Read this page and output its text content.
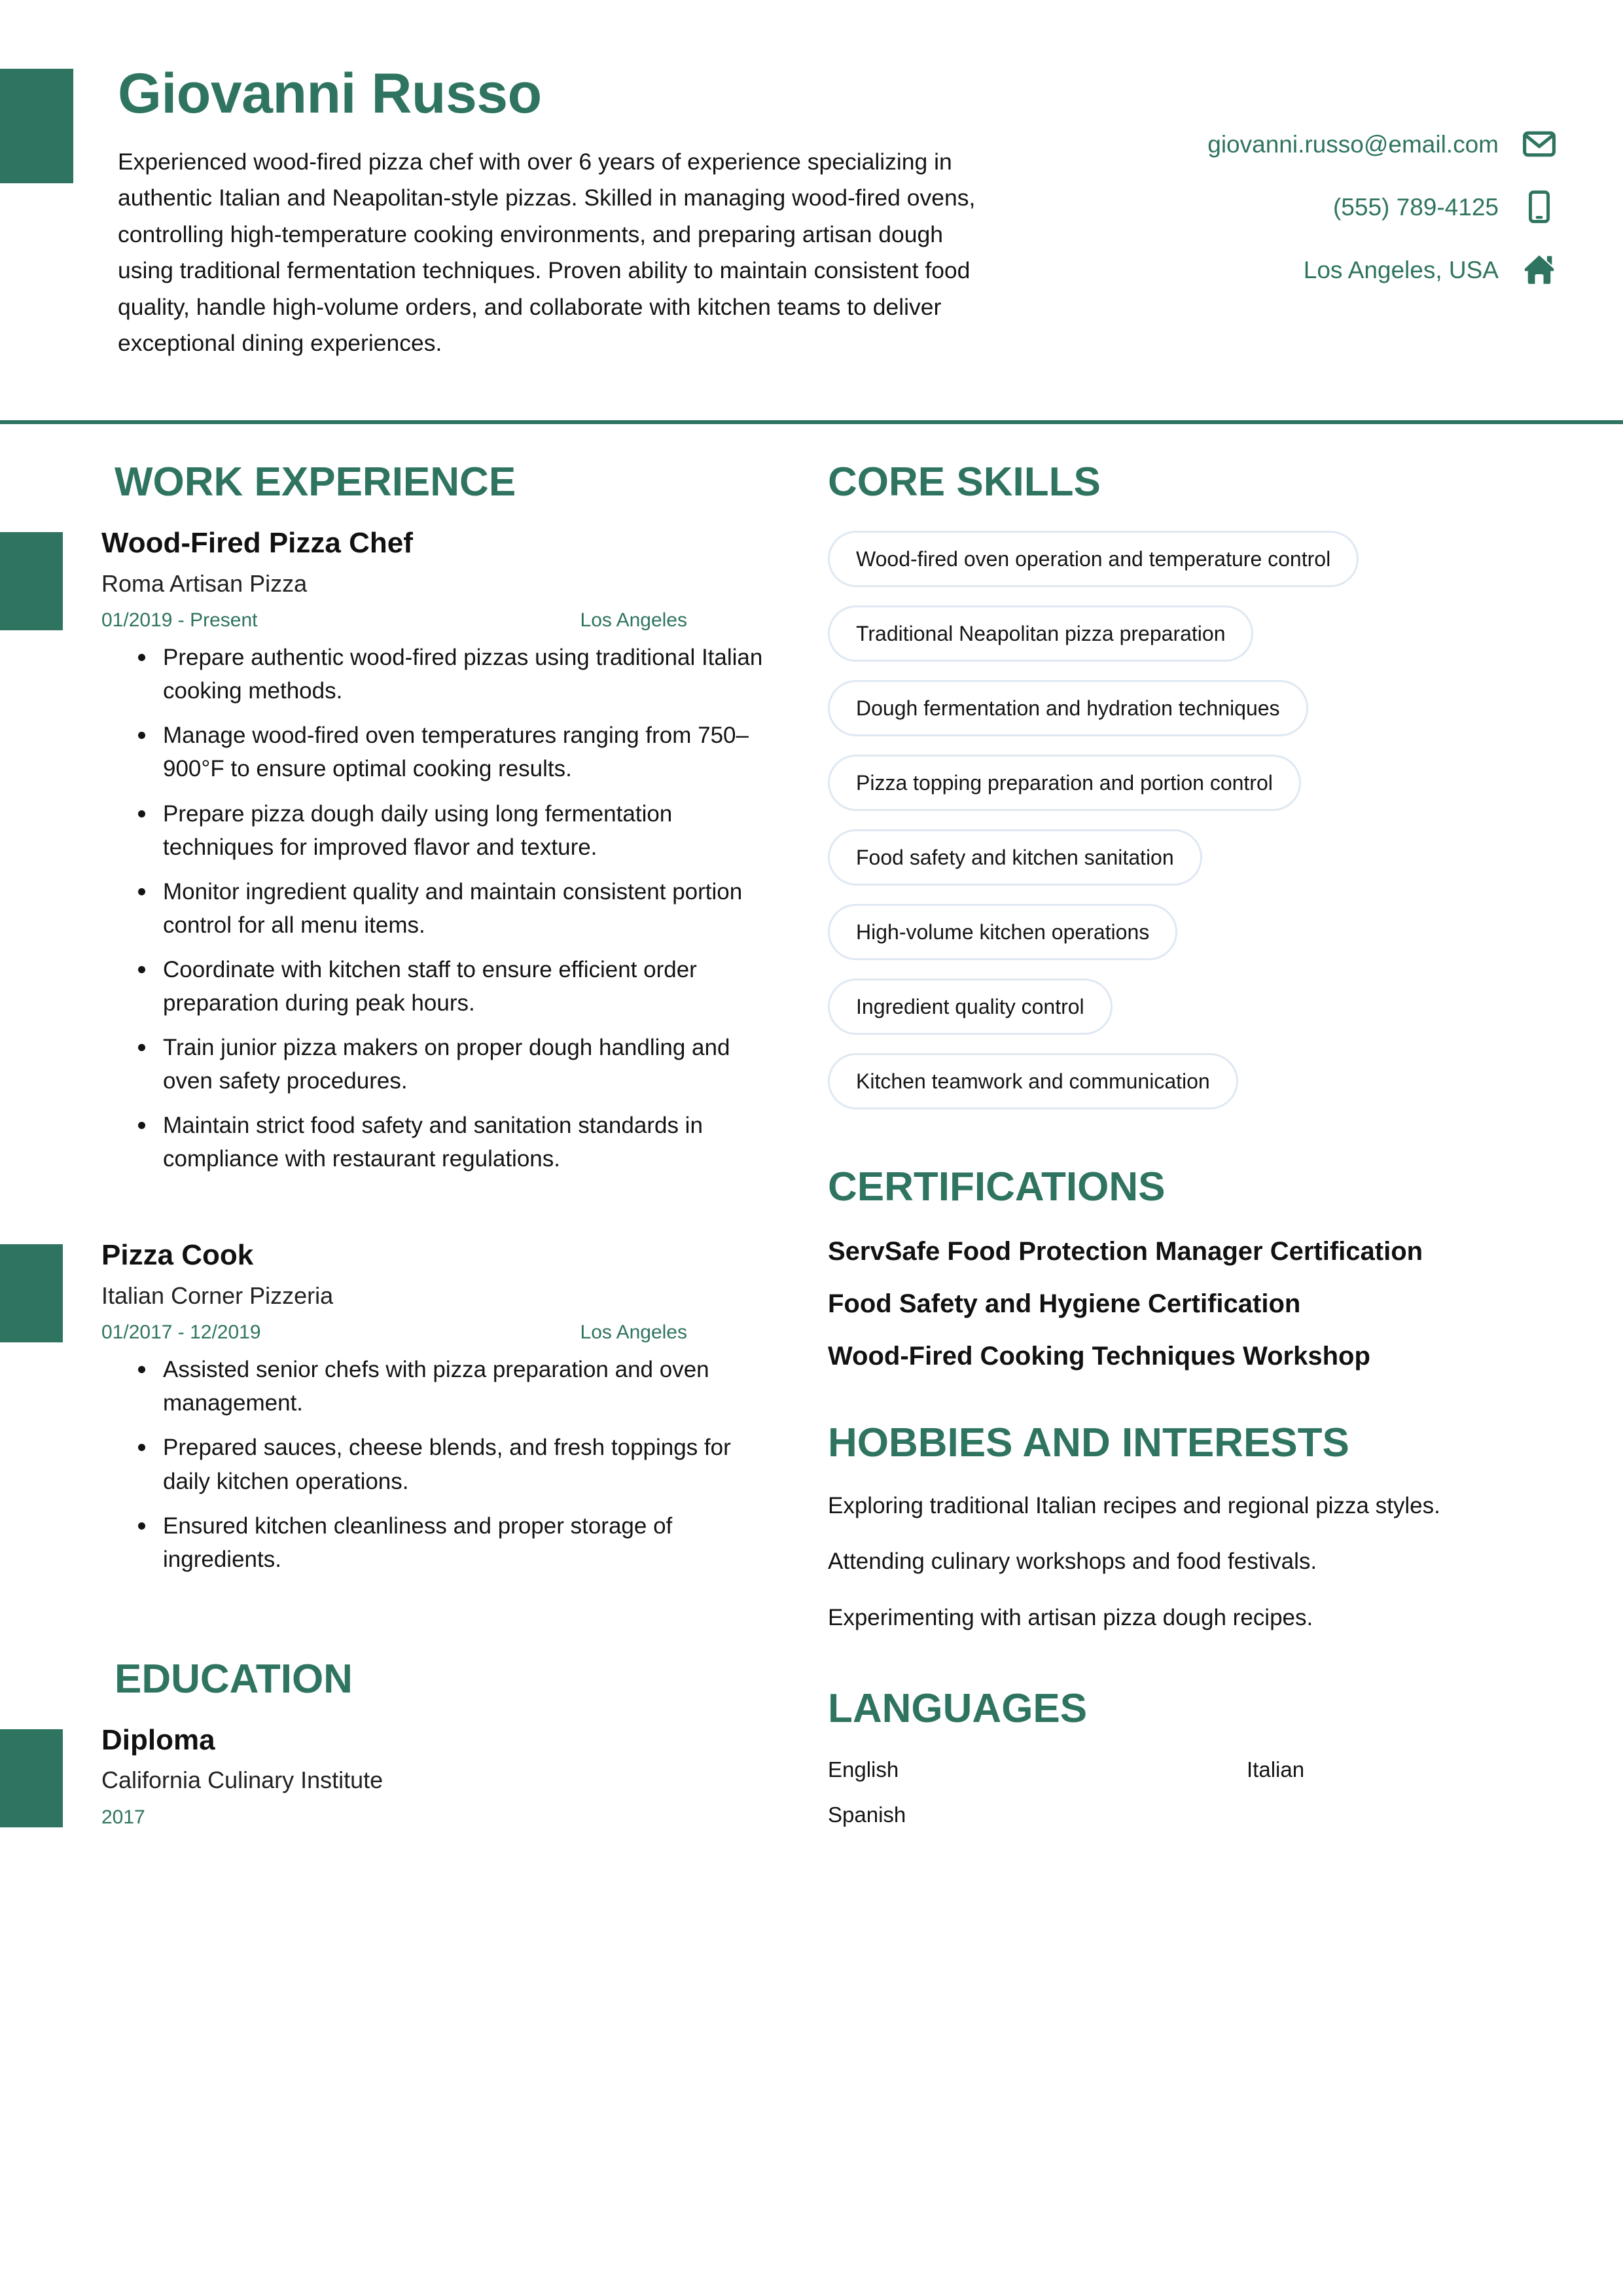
Giovanni Russo

Experienced wood-fired pizza chef with over 6 years of experience specializing in authentic Italian and Neapolitan-style pizzas. Skilled in managing wood-fired ovens, controlling high-temperature cooking environments, and preparing artisan dough using traditional fermentation techniques. Proven ability to maintain consistent food quality, handle high-volume orders, and collaborate with kitchen teams to deliver exceptional dining experiences.

giovanni.russo@email.com
(555) 789-4125
Los Angeles, USA
WORK EXPERIENCE
Wood-Fired Pizza Chef
Roma Artisan Pizza
01/2019 - Present	Los Angeles
Prepare authentic wood-fired pizzas using traditional Italian cooking methods.
Manage wood-fired oven temperatures ranging from 750–900°F to ensure optimal cooking results.
Prepare pizza dough daily using long fermentation techniques for improved flavor and texture.
Monitor ingredient quality and maintain consistent portion control for all menu items.
Coordinate with kitchen staff to ensure efficient order preparation during peak hours.
Train junior pizza makers on proper dough handling and oven safety procedures.
Maintain strict food safety and sanitation standards in compliance with restaurant regulations.
Pizza Cook
Italian Corner Pizzeria
01/2017 - 12/2019	Los Angeles
Assisted senior chefs with pizza preparation and oven management.
Prepared sauces, cheese blends, and fresh toppings for daily kitchen operations.
Ensured kitchen cleanliness and proper storage of ingredients.
EDUCATION
Diploma
California Culinary Institute
2017
CORE SKILLS
Wood-fired oven operation and temperature control
Traditional Neapolitan pizza preparation
Dough fermentation and hydration techniques
Pizza topping preparation and portion control
Food safety and kitchen sanitation
High-volume kitchen operations
Ingredient quality control
Kitchen teamwork and communication
CERTIFICATIONS
ServSafe Food Protection Manager Certification
Food Safety and Hygiene Certification
Wood-Fired Cooking Techniques Workshop
HOBBIES AND INTERESTS
Exploring traditional Italian recipes and regional pizza styles.
Attending culinary workshops and food festivals.
Experimenting with artisan pizza dough recipes.
LANGUAGES
English	Italian
Spanish
